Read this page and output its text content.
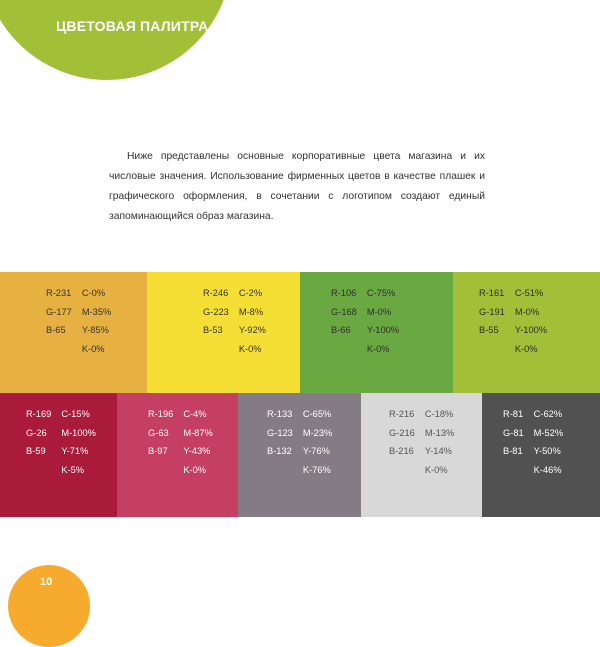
ЦВЕТОВАЯ ПАЛИТРА
Ниже представлены основные корпоративные цвета магазина и их числовые значения. Использование фирменных цветов в качестве плашек и графического оформления, в сочетании с логотипом создают единый запоминающийся образ магазина.
R-231
G-177
B-65
C-0%
M-35%
Y-85%
K-0%
R-246
G-223
B-53
C-2%
M-8%
Y-92%
K-0%
R-106
G-168
B-66
C-75%
M-0%
Y-100%
K-0%
R-161
G-191
B-55
C-51%
M-0%
Y-100%
K-0%
R-169
G-26
B-59
C-15%
M-100%
Y-71%
K-5%
R-196
G-63
B-97
C-4%
M-87%
Y-43%
K-0%
R-133
G-123
B-132
C-65%
M-23%
Y-76%
K-76%
R-216
G-216
B-216
C-18%
M-13%
Y-14%
K-0%
R-81
G-81
B-81
C-62%
M-52%
Y-50%
K-46%
10
